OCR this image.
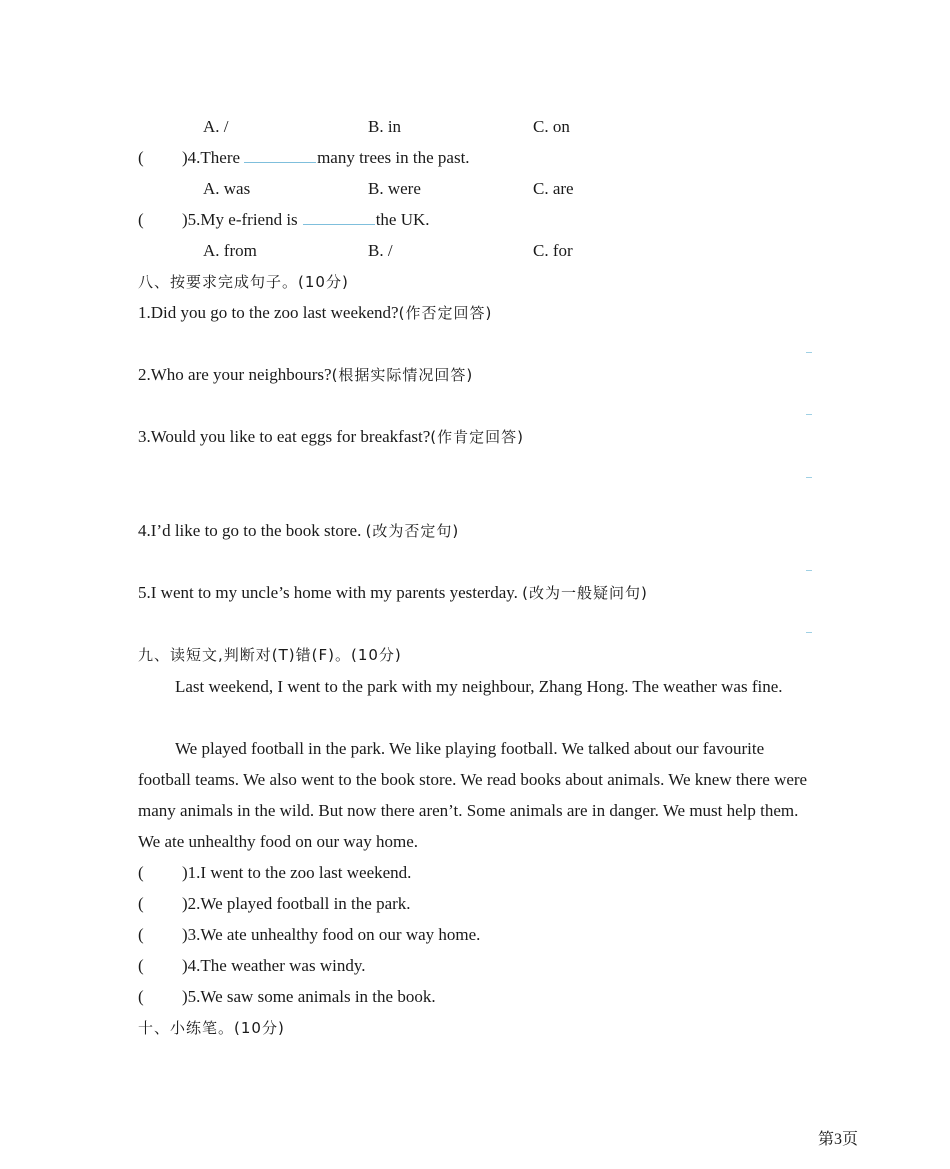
A. /	B. in	C. on
( )4.There	many trees in the past.
A. was	B. were	C. are
( )5.My e-friend is	the UK.
A. from	B. /	C. for
八、按要求完成句子。(10分)
1.Did you go to the zoo last weekend?(作否定回答)
2.Who are your neighbours?(根据实际情况回答)
3.Would you like to eat eggs for breakfast?(作肯定回答)
4.I’d like to go to the book store. (改为否定句)
5.I went to my uncle’s home with my parents yesterday. (改为一般疑问句)
九、读短文,判断对(T)错(F)。(10分)
Last weekend, I went to the park with my neighbour, Zhang Hong. The weather was fine.
We played football in the park. We like playing football. We talked about our favourite football teams. We also went to the book store. We read books about animals. We knew there were many animals in the wild. But now there aren’t. Some animals are in danger. We must help them. We ate unhealthy food on our way home.
( )1.I went to the zoo last weekend.
( )2.We played football in the park.
( )3.We ate unhealthy food on our way home.
( )4.The weather was windy.
( )5.We saw some animals in the book.
十、小练笔。(10分)
第3页
